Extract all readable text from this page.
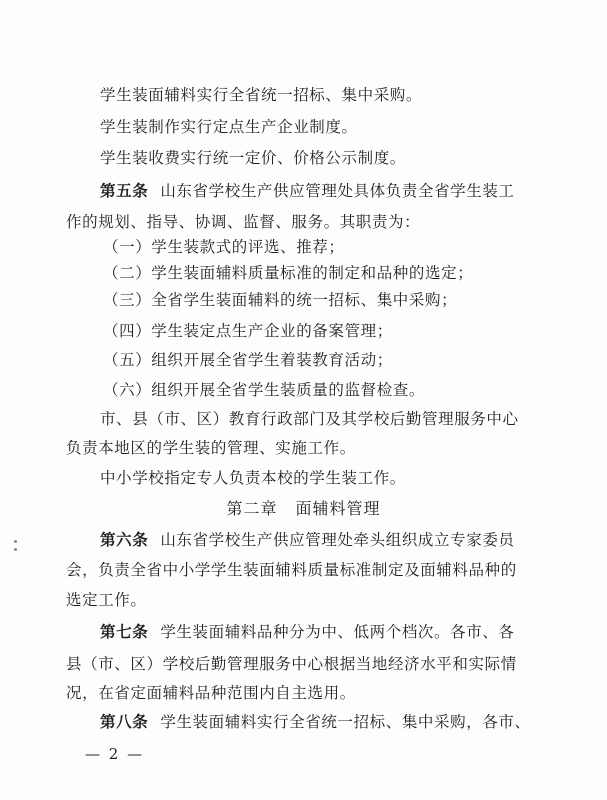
学生装面辅料实行全省统一招标、集中采购。
学生装制作实行定点生产企业制度。
学生装收费实行统一定价、价格公示制度。
第五条 山东省学校生产供应管理处具体负责全省学生装工
作的规划、指导、协调、监督、服务。其职责为：
（一）学生装款式的评选、推荐；
（二）学生装面辅料质量标准的制定和品种的选定；
（三）全省学生装面辅料的统一招标、集中采购；
（四）学生装定点生产企业的备案管理；
（五）组织开展全省学生着装教育活动；
（六）组织开展全省学生装质量的监督检查。
市、县（市、区）教育行政部门及其学校后勤管理服务中心
负责本地区的学生装的管理、实施工作。
中小学校指定专人负责本校的学生装工作。
第二章 面辅料管理
第六条 山东省学校生产供应管理处牵头组织成立专家委员
会，负责全省中小学学生装面辅料质量标准制定及面辅料品种的
选定工作。
第七条 学生装面辅料品种分为中、低两个档次。各市、各
县（市、区）学校后勤管理服务中心根据当地经济水平和实际情
况，在省定面辅料品种范围内自主选用。
第八条 学生装面辅料实行全省统一招标、集中采购，各市、
— 2 —
